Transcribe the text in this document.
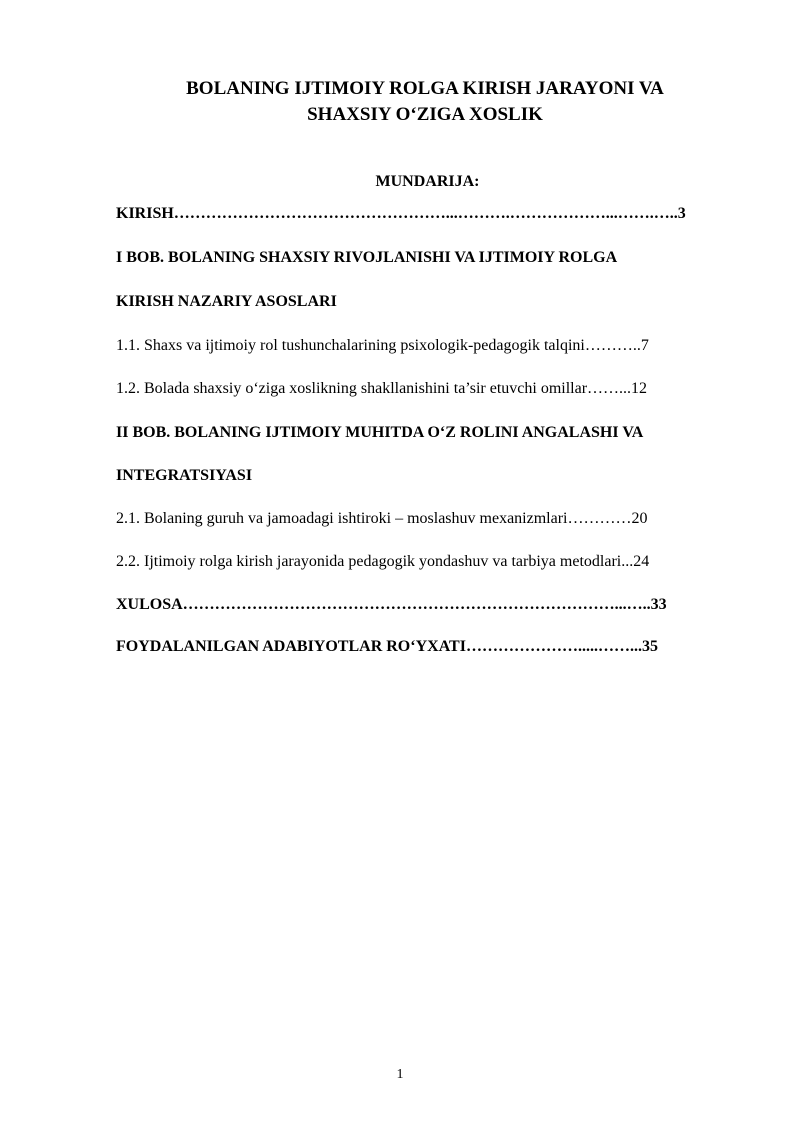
BOLANING IJTIMOIY ROLGA KIRISH JARAYONI VA
SHAXSIY O‘ZIGA XOSLIK
MUNDARIJA:
KIRISH……………………………………………...……….………………...…….…..3
I BOB. BOLANING SHAXSIY RIVOJLANISHI VA IJTIMOIY ROLGA
KIRISH NAZARIY ASOSLARI
1.1. Shaxs va ijtimoiy rol tushunchalarining psixologik-pedagogik talqini………..7
1.2. Bolada shaxsiy o‘ziga xoslikning shakllanishini ta’sir etuvchi omillar……...12
II BOB. BOLANING IJTIMOIY MUHITDA O‘Z ROLINI ANGALASHI VA
INTEGRATSIYASI
2.1. Bolaning guruh va jamoadagi ishtiroki – moslashuv mexanizmlari…………20
2.2. Ijtimoiy rolga kirish jarayonida pedagogik yondashuv va tarbiya metodlari...24
XULOSA………………………………………………………………………...…..33
FOYDALANILGAN ADABIYOTLAR RO‘YXATI………………….....……...35
1
